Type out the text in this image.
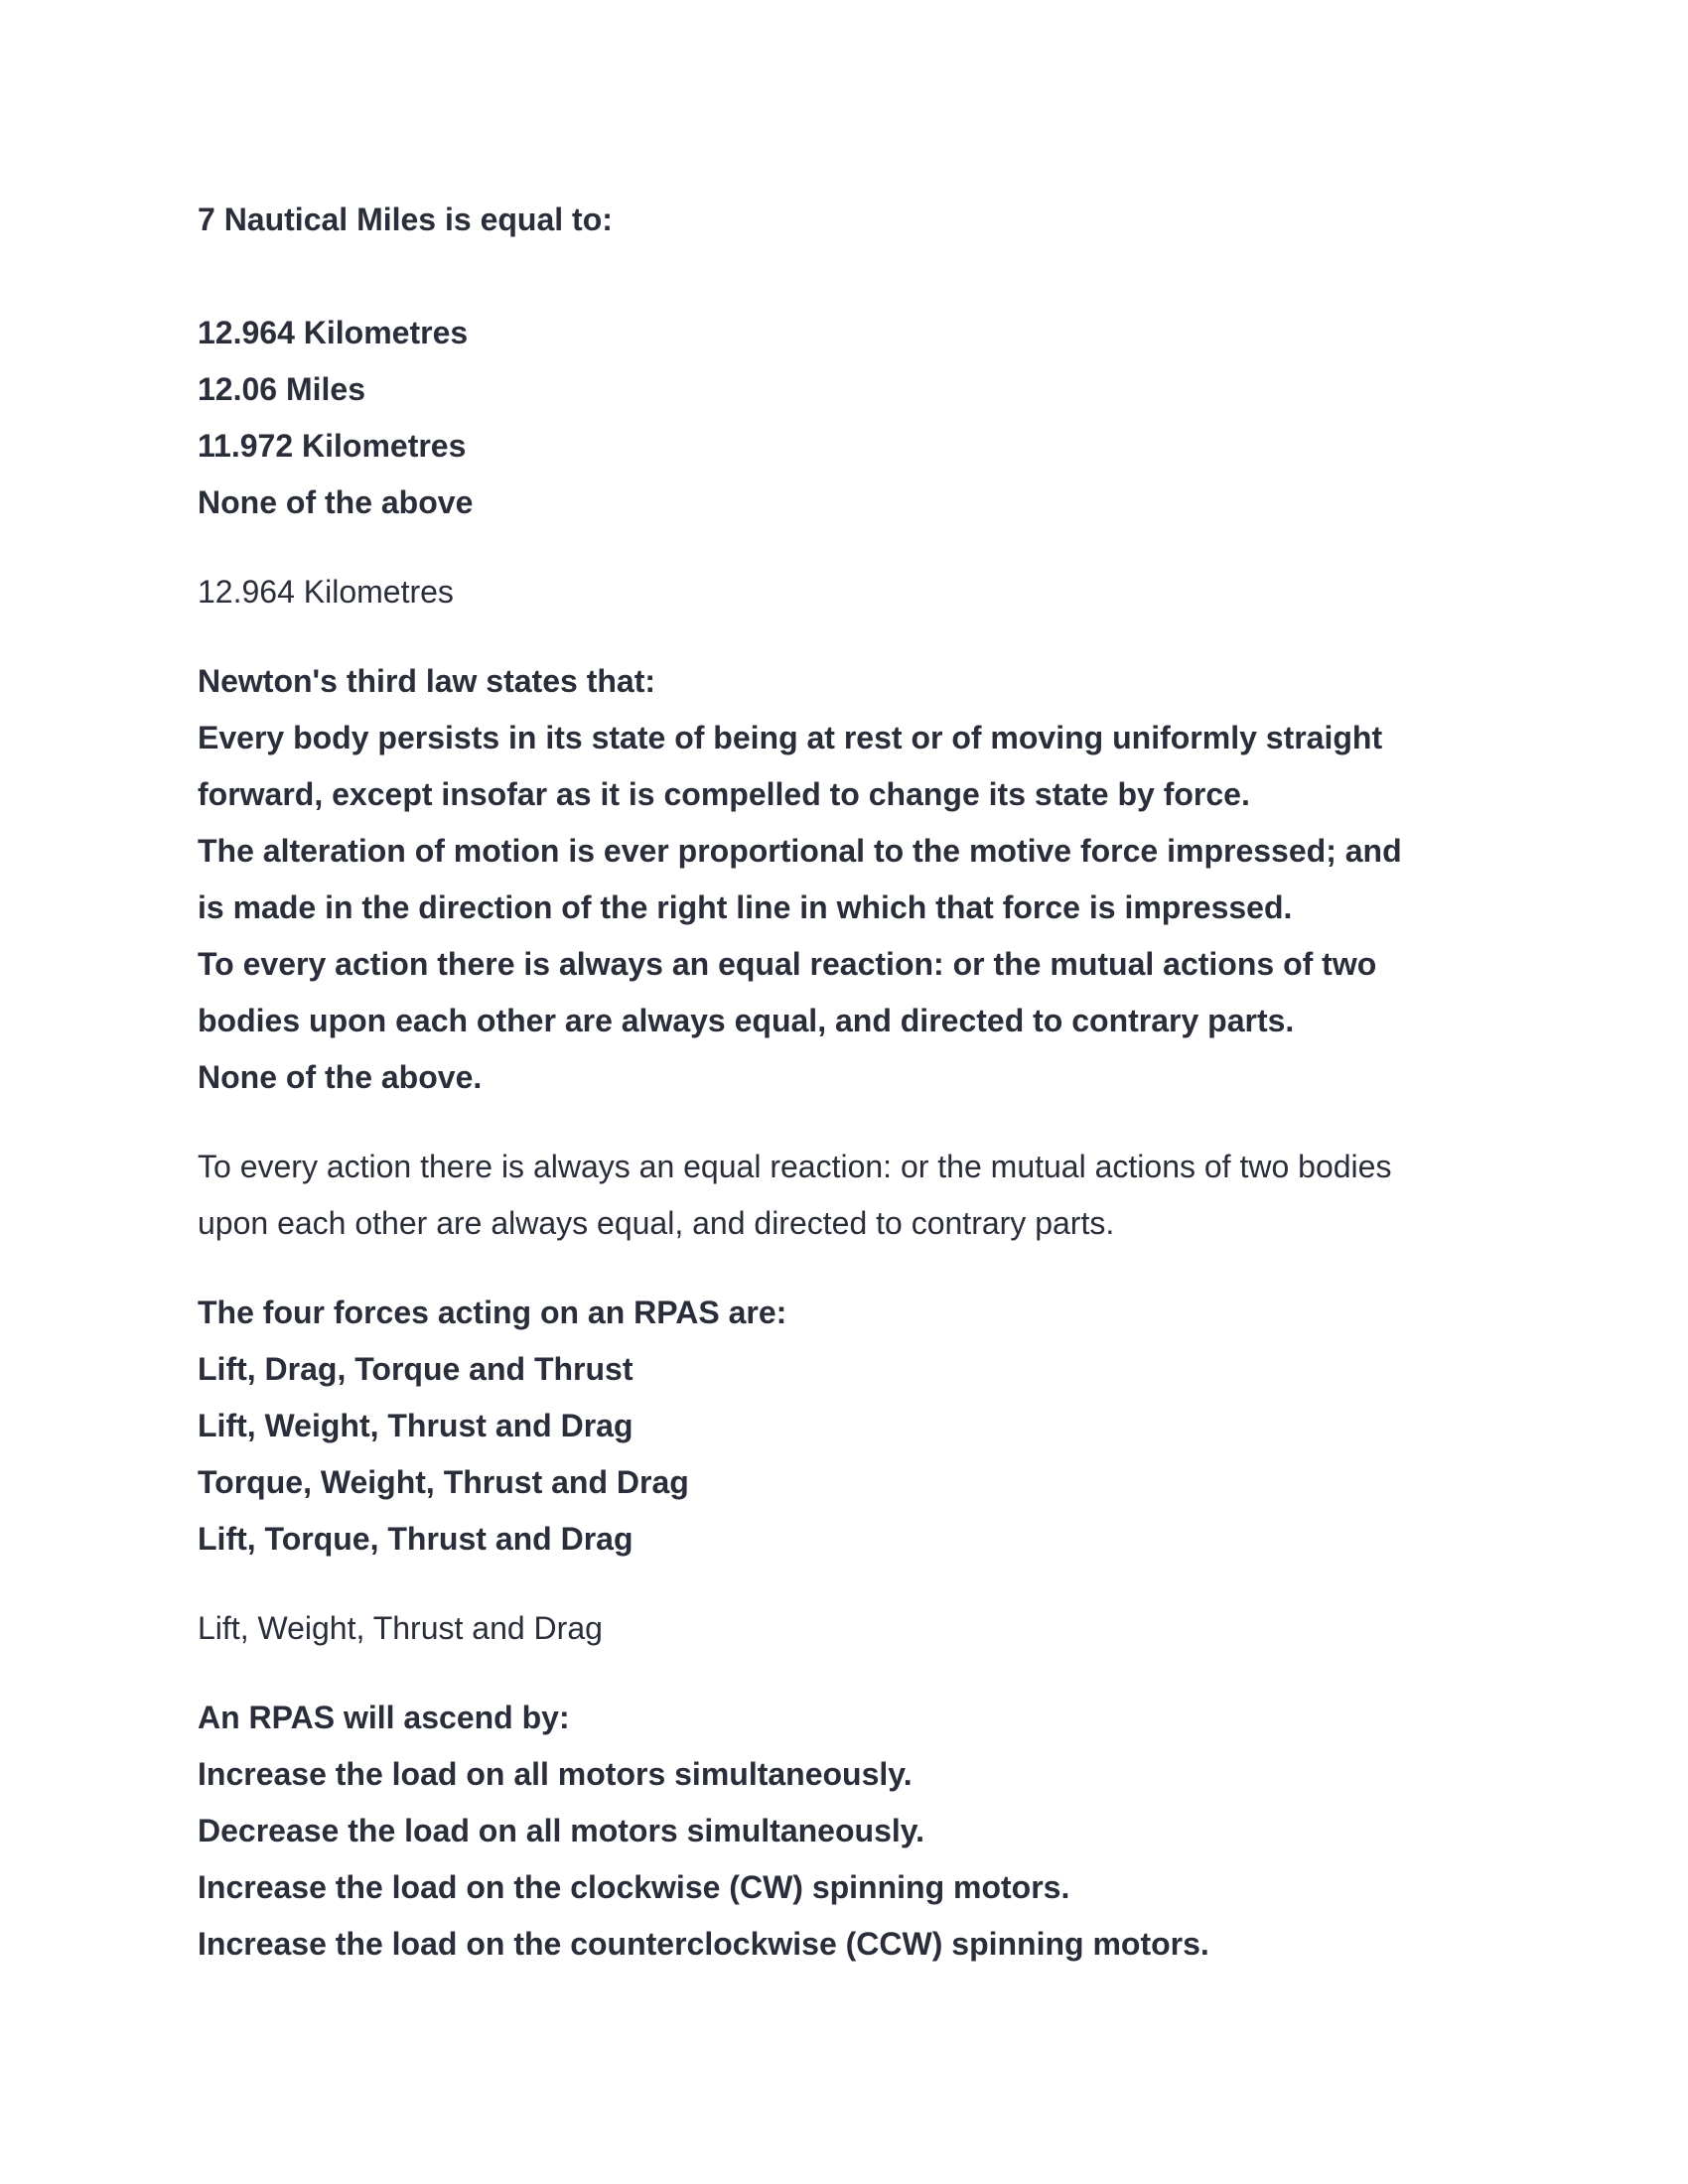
7 Nautical Miles is equal to:
12.964 Kilometres
12.06 Miles
11.972 Kilometres
None of the above
12.964 Kilometres
Newton's third law states that:
Every body persists in its state of being at rest or of moving uniformly straight
forward, except insofar as it is compelled to change its state by force.
The alteration of motion is ever proportional to the motive force impressed; and
is made in the direction of the right line in which that force is impressed.
To every action there is always an equal reaction: or the mutual actions of two
bodies upon each other are always equal, and directed to contrary parts.
None of the above.
To every action there is always an equal reaction: or the mutual actions of two bodies
upon each other are always equal, and directed to contrary parts.
The four forces acting on an RPAS are:
Lift, Drag, Torque and Thrust
Lift, Weight, Thrust and Drag
Torque, Weight, Thrust and Drag
Lift, Torque, Thrust and Drag
Lift, Weight, Thrust and Drag
An RPAS will ascend by:
Increase the load on all motors simultaneously.
Decrease the load on all motors simultaneously.
Increase the load on the clockwise (CW) spinning motors.
Increase the load on the counterclockwise (CCW) spinning motors.
